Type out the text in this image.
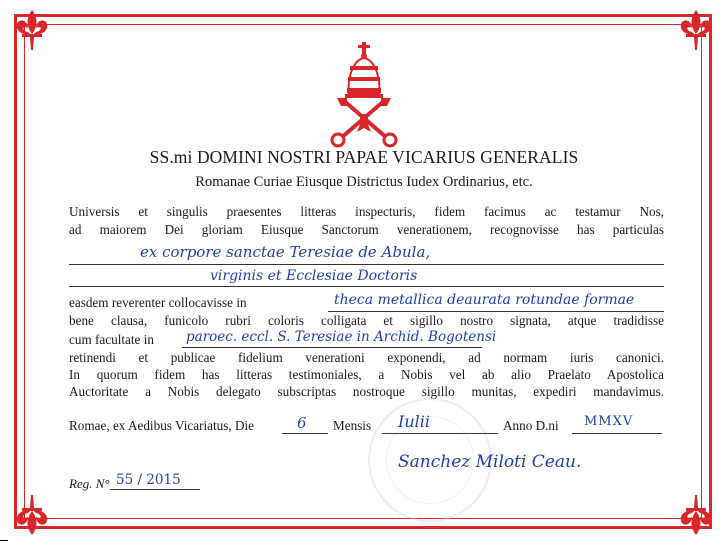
SS.mi DOMINI NOSTRI PAPAE VICARIUS GENERALIS
Romanae Curiae Eiusque Districtus Iudex Ordinarius, etc.
Universis et singulis praesentes litteras inspecturis, fidem facimus ac testamur Nos,
ad maiorem Dei gloriam Eiusque Sanctorum venerationem, recognovisse has particulas
ex corpore sanctae Teresiae de Abula,
virginis et Ecclesiae Doctoris
easdem reverenter collocavisse in	theca metallica deaurata rotundae formae
bene clausa, funicolo rubri coloris colligata et sigillo nostro signata, atque tradidisse
cum facultate in paroec. eccl. S. Teresiae in Archid. Bogotensi
retinendi et publicae fidelium venerationi exponendi, ad normam iuris canonici.
In quorum fidem has litteras testimoniales, a Nobis vel ab alio Praelato Apostolica
Auctoritate a Nobis delegato subscriptas nostroque sigillo munitas, expediri mandavimus.
Romae, ex Aedibus Vicariatus, Die	6 Mensis Iulii	Anno D.ni MMXV
Sanchez Miloti Ceau.
Reg. N° 55 / 2015
